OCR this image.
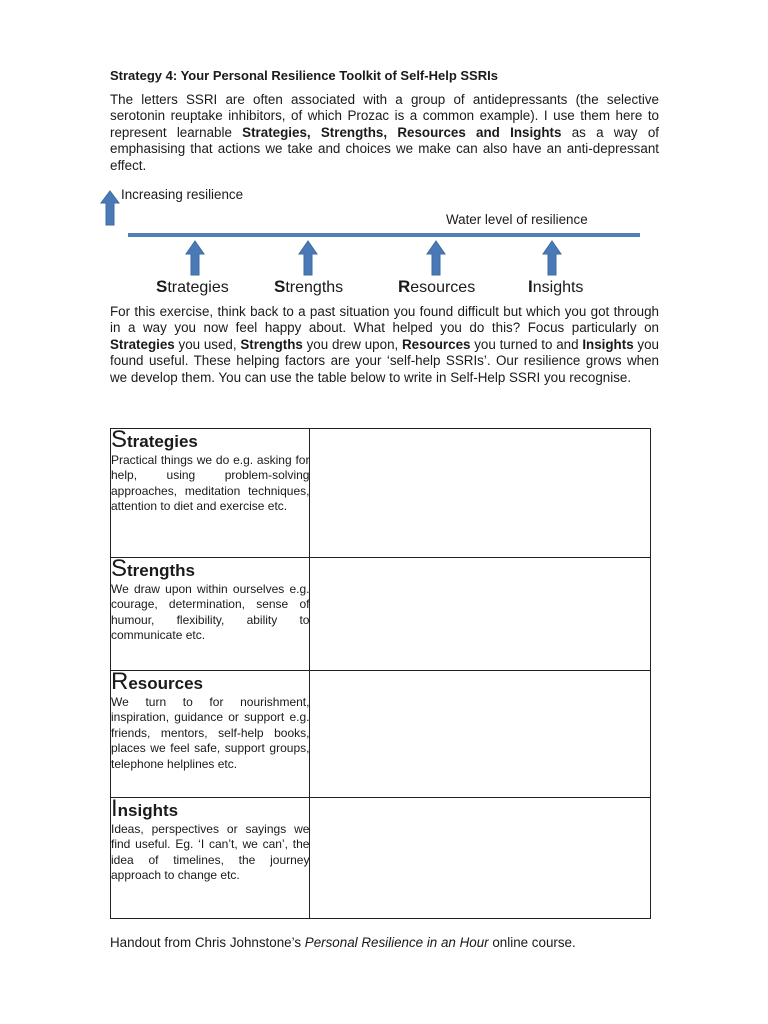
Strategy 4: Your Personal Resilience Toolkit of Self-Help SSRIs
The letters SSRI are often associated with a group of antidepressants (the selective serotonin reuptake inhibitors, of which Prozac is a common example). I use them here to represent learnable Strategies, Strengths, Resources and Insights as a way of emphasising that actions we take and choices we make can also have an anti-depressant effect.
Increasing resilience
Water level of resilience
Strategies	Strengths	Resources	Insights
For this exercise, think back to a past situation you found difficult but which you got through in a way you now feel happy about. What helped you do this? Focus particularly on Strategies you used, Strengths you drew upon, Resources you turned to and Insights you found useful. These helping factors are your ‘self-help SSRIs’. Our resilience grows when we develop them. You can use the table below to write in Self-Help SSRI you recognise.
Strategies
Practical things we do e.g. asking for help, using problem-solving approaches, meditation techniques, attention to diet and exercise etc.	

Strengths
We draw upon within ourselves e.g. courage, determination, sense of humour, flexibility, ability to communicate etc.	

Resources
We turn to for nourishment, inspiration, guidance or support e.g. friends, mentors, self-help books, places we feel safe, support groups, telephone helplines etc.	

Insights
Ideas, perspectives or sayings we find useful. Eg. ‘I can’t, we can’, the idea of timelines, the journey approach to change etc.	

Handout from Chris Johnstone’s Personal Resilience in an Hour online course.
